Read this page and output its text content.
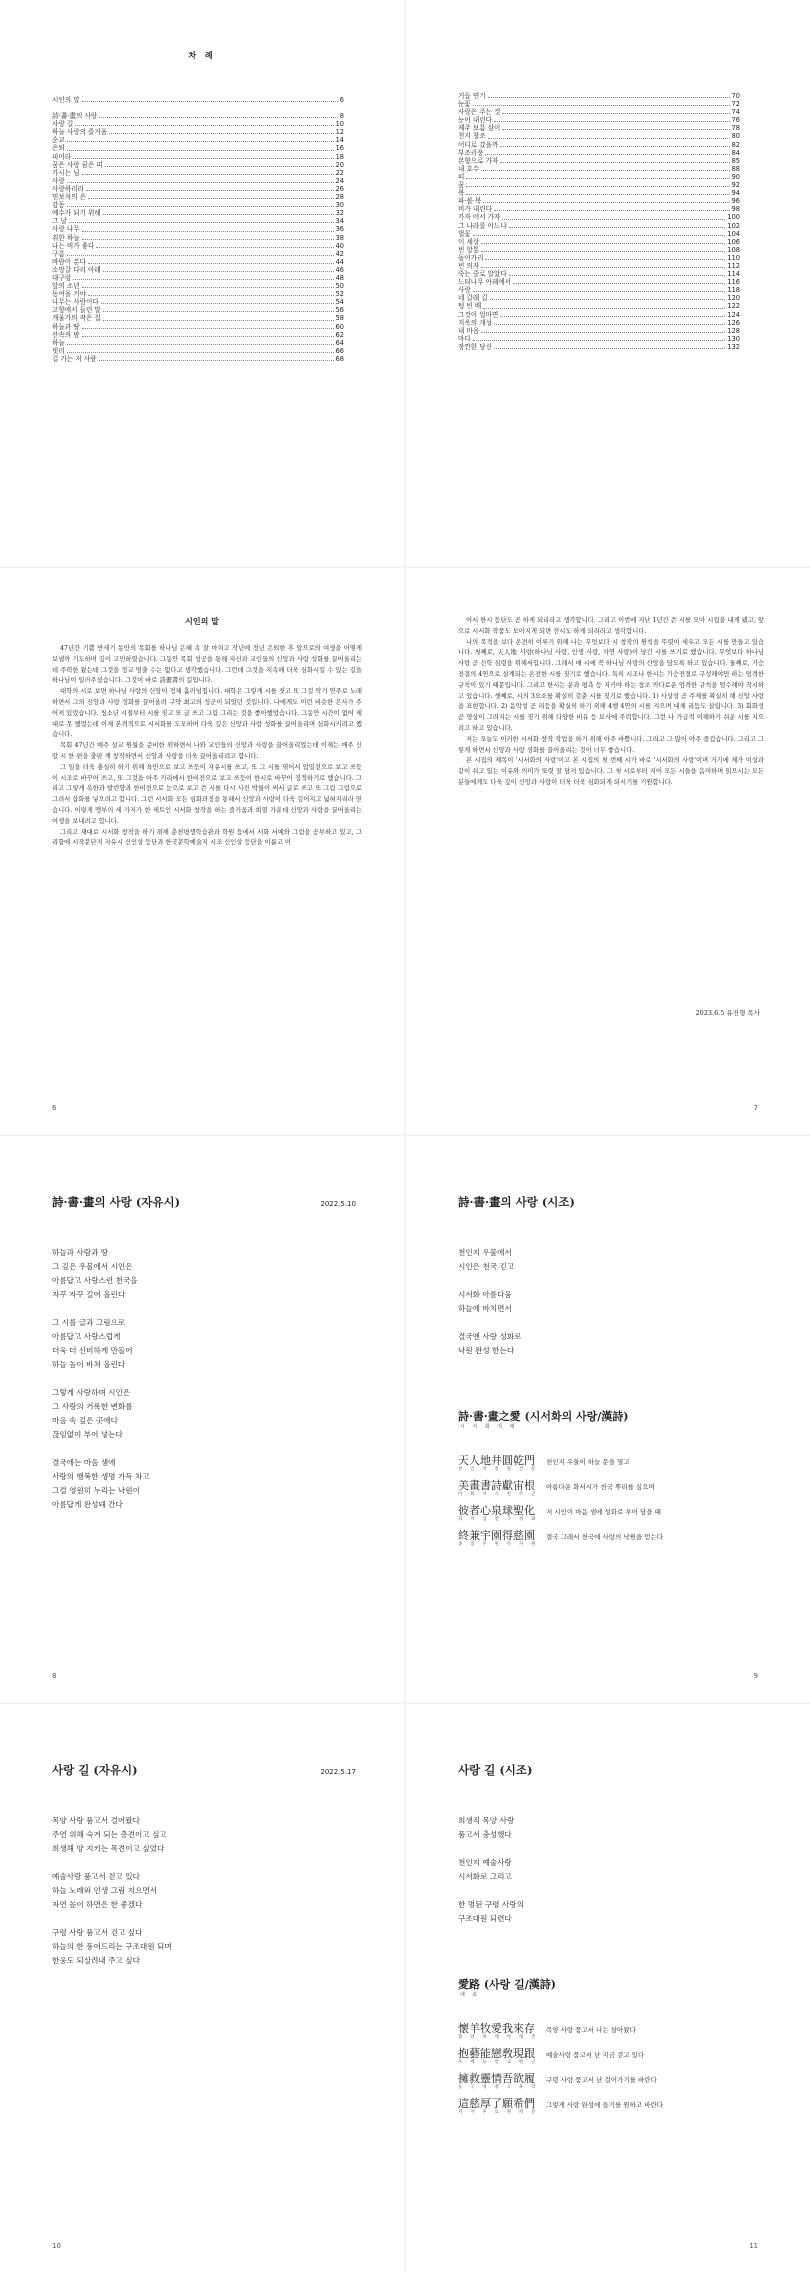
차 례
시인의 말	6
詩·書·畫의 사랑	8
사랑 길	10
하늘 사랑의 즐거움	12
순교	14
은퇴	16
피어라	18
꿈은 사랑 꿈은 띠	20
가시는 님	22
사랑	24
사랑하리라	26
믿보석의 은	28
감동	30
예수가 되기 위해	32
그 날	34
사랑 나무	36
취한 하늘	38
나는 비가 좋다	40
구름	42
바람이 분다	44
소망갈 다리 아래	46
대구렁	48
앞의 소년	50
동여을 거야	52
나무는 사람이다	54
고향에서 들린 말	56
개울가의 작은 집	58
하늘과 땅	60
산속의 밤	62
하늘	64
빗리	66
길 가는 저 사람	68
거듭 연기	70
눈꽃	72
사랑은 주는 것	74
눈이 내린다	76
제주 보름 삼이	78
천지 창조	80
어디로 갔을까	82
부조리풍	84
본향으로 가자	85
내 호수	88
띠	90
꿈	92
복	94
파·볼·복	96
비가 내린다	98
가자 어서 가자	100
그 나라를 아느냐	102
벌꽃	104
이 세상	106
빈 항통	108
돌아가리	110
빈 의자	112
죽는 중로 알았다	114
느티나무 아래에서	116
사랑	118
네 갈래 길	120
텅 빈 배	122
그것이 얼마면	124
지옥의 개성	126
내 마음	128
마다	130
잠깐한 당신	132
시인의 말

47년간 기쁨 반세기 동안의 목회를 하나님 은혜 속 잘 마치고 작년에 정년 은퇴한 후 앞으로의 여생을 어떻게 보낼까 기도하며 깊이 고민하였습니다. 그동안 목회 성공을 통해 자신과 교인들의 신앙과 사랑 성화를 끌어올리는 데 주력한 왔는데 그것을 정교 멈출 수는 없다고 생각했습니다. 그런데 그것을 지속해 더욱 심화시킬 수 있는 길을 하나님이 일러주셨습니다. 그것이 바로 詩畫書의 길입니다.

대학의 시로 보면 하나님 사랑의 신앙이 정체 흘러넘칩니다. 대학은 그렇게 시를 짓고 또 그걸 악기 연주로 노래하면서 그의 신앙과 사랑 성화를 끌어올려 구약 최고의 성군이 되었던 것입니다. 나에게도 이런 비슷한 은사가 주어져 있었습니다. 청소년 시절부터 시를 짓고 또 글 쓰고 그림 그리는 것을 좋아했었습니다. 그동안 시간이 없어 제대로 못 했었는데 이제 본격적으로 시서화를 도모하며 다욱 깊은 신앙과 사랑 성화를 끌어올리며 심화시키려고 했습니다.

목회 47년간 매주 설교 원월을 준비한 위하면서 나와 교인들의 신앙과 사랑을 끌어올리었는데 이제는 매주 신랑 시 한 편을 출판 계 창작하면서 신앙과 사랑을 더욱 끌어올리려고 합니다.

그 일을 더욱 충실히 하기 위해 육만으로 보고 쓰듯이 자유시를 쓰고, 또 그 시를 엮어서 압밀전으로 보고 쓰듯이 시조로 바꾸어 쓰고, 또 그것을 아주 거리에서 한비전으로 보고 쓰듯이 한시로 바꾸어 징적하기로 했습니다. 그리고 그렇게 옥한과 발린향과 한비전으로 눈으로 보고 쓴 시를 다시 사진 박물이 써서 글로 쓰고 또 그림 그림으로 그려서 삽화를 넣으려고 합니다. 그런 시서화 모든 심화과정을 통해서 신앙과 사랑이 다욱 깊어지고 넓혀지리라 믿습니다. 이렇게 맹부의 세 가지가 한 세트인 시서화 창작을 하는 즐거움과 희열 가운데 신앙과 사랑을 끌어올리는 여생을 보내려고 합니다.

그리고 재대로 시서화 창작을 하기 위해 춘천평생학습관과 학원 등에서 서화 서예와 그림을 공부하고 있고, 그리함에 시작문단지 자유시 신인상 등단과 한국문학예술지 시조 신인상 등단을 이룹고 이

6

어서 한시 등단도 곧 하게 되리라고 생각합니다. 그리고 이번에 지난 1년간 쓴 시를 모아 시집을 내게 됐고, 앞으로 시서화 작품도 모아지게 되면 전시도 하게 되리라고 생각합니다.

나의 목적을 보다 온전히 이루기 위해 나는 무엇보다 시 창작의 원칙을 뚜렷이 세우고 모든 시를 만들고 있습니다. 첫째로, 天人地 사랑(하나님 사랑, 인생 사랑, 자연 사랑)이 당긴 시를 쓰기로 했습니다. 무엇보다 하나님 사랑 곧 신학 심령을 위해서입니다. 그래서 매 시에 꼭 하나님 사랑의 신앙을 담도록 하고 있습니다. 둘째로, 기승전결의 4연으로 설계되는 온전한 시를 짓기로 했습니다. 특히 시조나 한시는 기승전결로 구성해야만 하는 엄격한 규칙이 있기 때문입니다. 그리고 한시는 운과 평측 등 지키야 하는 창조 까다로운 엄격한 규칙을 엄수해야 작시하고 있습니다. 셋째로, 시의 3요소를 확실히 갖춘 시를 짓기로 했습니다. 1) 사상성 곧 주제를 확실히 해 신앙 사랑을 표현합니다. 2) 음악성 곧 리듬을 확실히 하기 위해 4행 4연의 시를 지으며 대체 리듬도 살립니다. 3) 회화성 곧 영상이 그려지는 시를 짓기 위해 다양한 비유 등 묘사에 주력합니다. 그런 나 가급적 이해하기 쉬운 시를 지으려고 하고 있습니다.

저는 오늘도 이러한 시서화 창작 작업을 하기 위해 아주 바쁩니다. 그리고 그 많이 아주 즐겁습니다. 그리고 그렇게 하면서 신앙과 사랑 성화를 끌어올리는 것이 너무 좋습니다.

본 시집의 제목이 '시서화의 사랑'이고 본 시집의 첫 번째 시가 바로 '시서화의 사랑'이며 거기에 제가 이상과 같이 쉬고 있는 이유와 의미가 또렷 잘 담겨 있습니다. 그 첫 시로부터 지어 모든 시들을 음미하며 읽으시는 모든 분들에게도 다욱 깊이 신앙과 사랑이 더욱 더욱 심화되게 되시기를 기원합니다.

2023.6.5 유진형 목사
7
詩·書·畫의 사랑 (자유시)	2022.5.10
하늘과 사람과 땅
그 깊은 우물에서 시인은
아름답고 사랑스런 천국을
자꾸 자꾸 길어 올린다
그 시를 글과 그림으로
아름답고 사랑스럽게
더욱 더 신비하게 만들어
하늘 높이 바쳐 올린다
그렇게 사랑하며 시인은
그 사랑의 거룩한 변화를
마음 속 깊은 곳에다
끊임없이 부어 넣는다
결국에는 마음 샘에
사랑의 행복한 생명 가득 차고
그걸 영원히 누리는 낙원이
아름답게 완성돼 간다
8
詩·書·畫의 사랑 (시조)
천인지 우물에서
시인은 천국 긷고
시서화 아름다움
하늘에 바치면서
결국엔 사랑 성화로
낙원 완성 한는다
詩·書·畫之愛 (시서화의 사랑/漢詩)
시 서 화 지 애
天人地井圓乾門
천 인 지 정 원 건 문
천인지 우물이 하늘 문을 열고
美畫書詩獻宙根
미 화 서 시 헌 주 근
아름다운 화서시가 천국 뿌리를 심으며
彼者心泉球聖化
피 자 심 천 구 성 화
저 시인이 마음 샘에 성화로 부어 담을 때
終兼宇園得慈園
종 겸 우 원 득 자 원
결국 그래서 천국에 사랑의 낙원을 얻는다
9
사랑 길 (자유시)	2022.5.17
목양 사랑 품고서 걸어왔다
주연 위해 숙겨 되는 층견이고 싶고
희생해 양 지키는 목견이고 싶었다
예술사랑 품고서 걷고 있다
하늘 노래와 인생 그림 지으면서
자연 높이 하면은 한 좋겠다
구령 사랑 품고서 걷고 싶다
하늘의 한 풍어드리는 구조대원 되며
한웅도 되살려내 주고 싶다
10
사랑 길 (시조)
희생직 목양 사랑
품고서 충성했다
천인지 예술사랑
시서화로 그리고
한 명된 구령 사랑의
구조대원 되련다
愛路 (사랑 길/漢詩)
애 로
懷羊牧愛我來存
회 양 목 애 아 래 존
목양 사랑 품고서 나는 살아왔다
抱藝能戀敎現跟
포 예 능 련 교 현 근
예술사랑 품고서 난 지금 걷고 있다
擁救靈情吾欲履
옹 구 영 정 오 욕 리
구령 사랑 품고서 난 걸어가기를 바란다
這慈厚了願希們
저 자 후 료 원 희 문
그렇게 사랑 완성에 들기를 원하고 바란다
11
